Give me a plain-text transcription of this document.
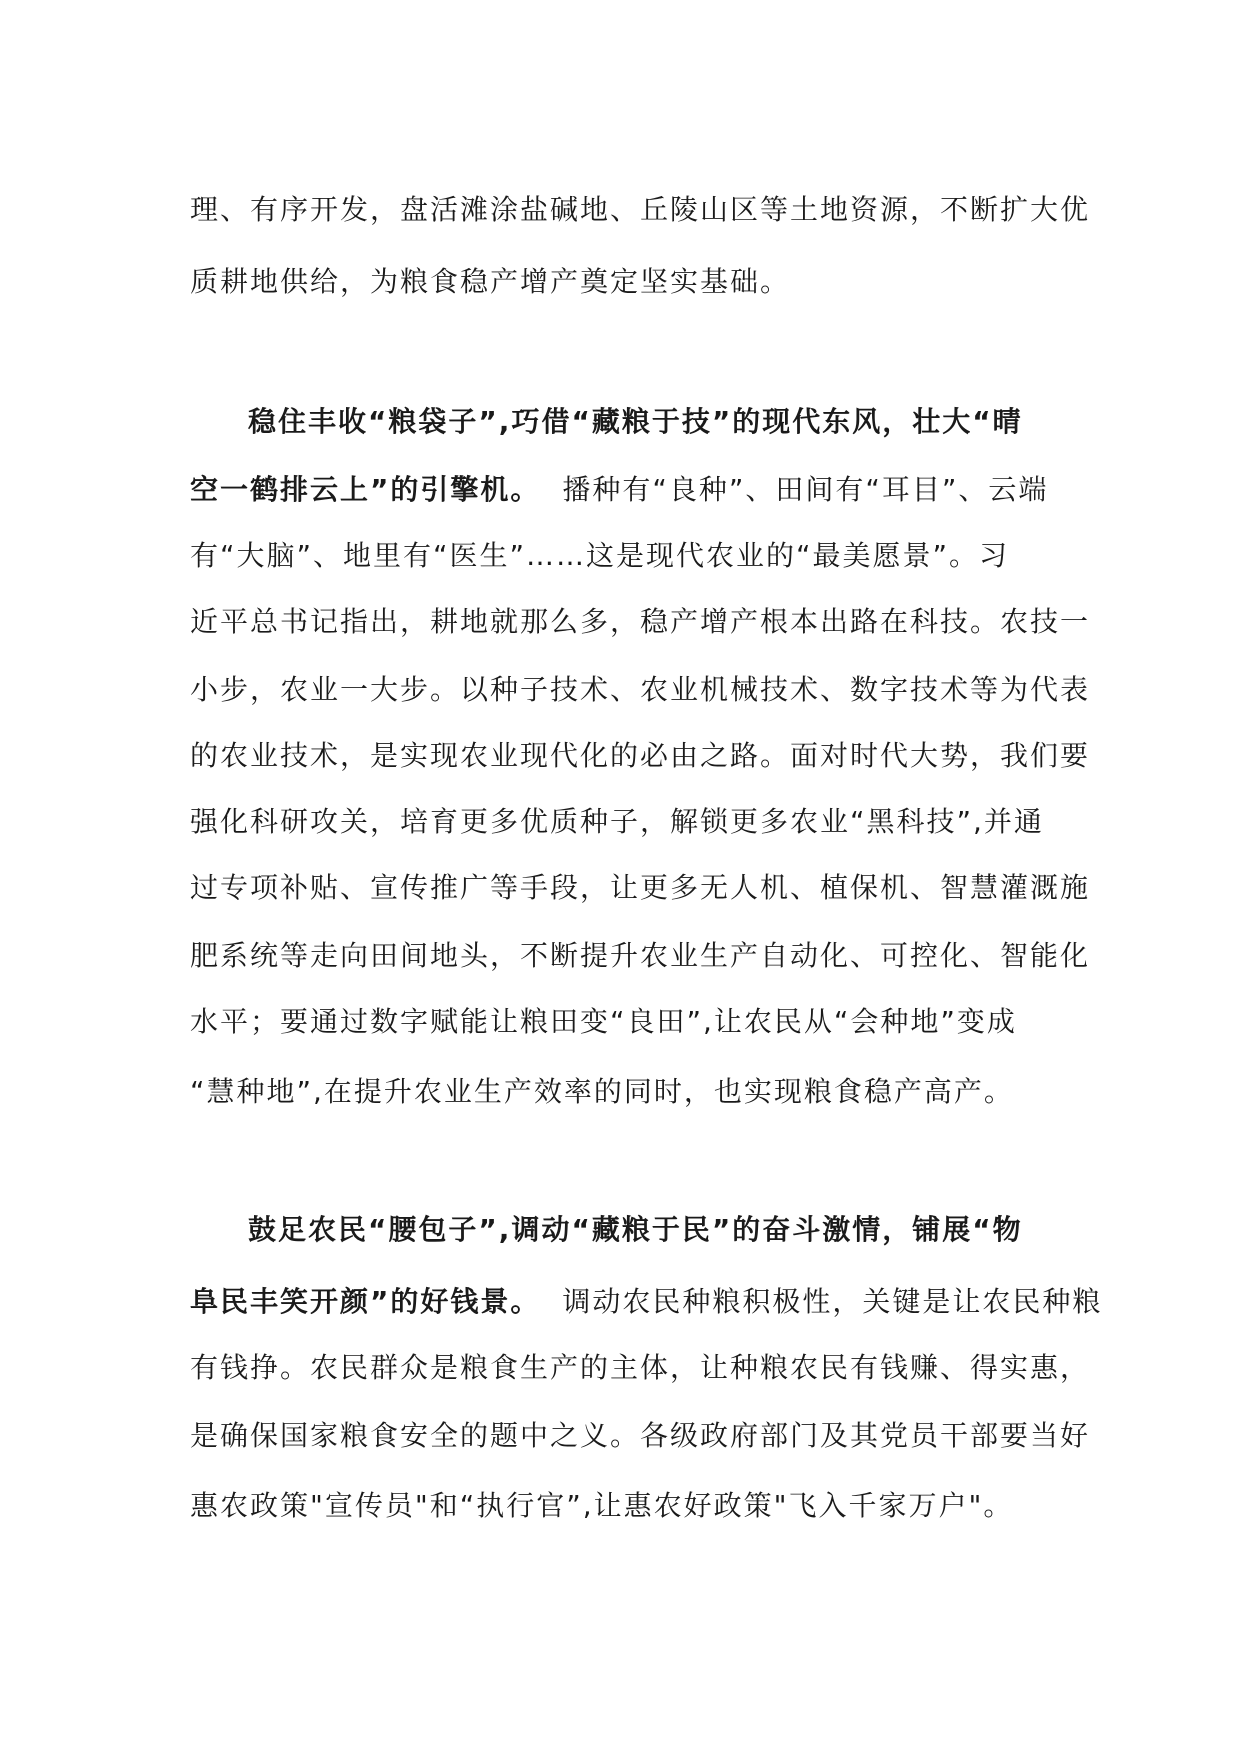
理、有序开发，盘活滩涂盐碱地、丘陵山区等土地资源，不断扩大优
质耕地供给，为粮食稳产增产奠定坚实基础。
稳住丰收“粮袋子”,巧借“藏粮于技”的现代东风，壮大“晴
空一鹤排云上”的引擎机。 播种有“良种”、田间有“耳目”、云端
有“大脑”、地里有“医生”……这是现代农业的“最美愿景”。习
近平总书记指出，耕地就那么多，稳产增产根本出路在科技。农技一
小步，农业一大步。以种子技术、农业机械技术、数字技术等为代表
的农业技术，是实现农业现代化的必由之路。面对时代大势，我们要
强化科研攻关，培育更多优质种子，解锁更多农业“黑科技”,并通
过专项补贴、宣传推广等手段，让更多无人机、植保机、智慧灌溉施
肥系统等走向田间地头，不断提升农业生产自动化、可控化、智能化
水平；要通过数字赋能让粮田变“良田”,让农民从“会种地”变成
“慧种地”,在提升农业生产效率的同时，也实现粮食稳产高产。
鼓足农民“腰包子”,调动“藏粮于民”的奋斗激情，铺展“物
阜民丰笑开颜”的好钱景。 调动农民种粮积极性，关键是让农民种粮
有钱挣。农民群众是粮食生产的主体，让种粮农民有钱赚、得实惠，
是确保国家粮食安全的题中之义。各级政府部门及其党员干部要当好
惠农政策"宣传员"和“执行官”,让惠农好政策"飞入千家万户"。
